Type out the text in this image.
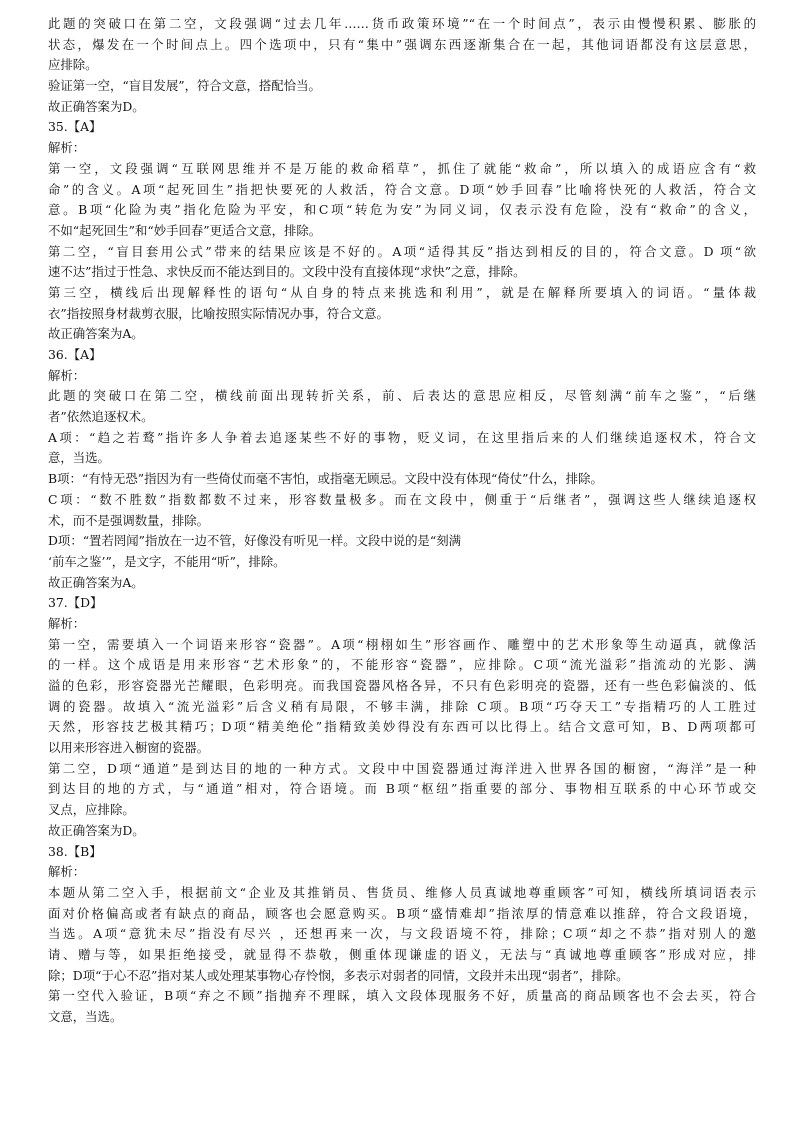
此题的突破口在第二空，文段强调“过去几年……货币政策环境”“在一个时间点”，表示由慢慢积累、膨胀的
状态，爆发在一个时间点上。四个选项中，只有“集中”强调东西逐渐集合在一起，其他词语都没有这层意思，
应排除。
验证第一空，“盲目发展”，符合文意，搭配恰当。
故正确答案为D。
35.【A】
解析：
第一空，文段强调“互联网思维并不是万能的救命稻草”，抓住了就能“救命”，所以填入的成语应含有“救
命”的含义。A项“起死回生”指把快要死的人救活，符合文意。D项“妙手回春”比喻将快死的人救活，符合文
意。B项“化险为夷”指化危险为平安，和C项“转危为安”为同义词，仅表示没有危险，没有“救命”的含义，
不如“起死回生”和“妙手回春”更适合文意，排除。
第二空，“盲目套用公式”带来的结果应该是不好的。A项“适得其反”指达到相反的目的，符合文意。D 项“欲
速不达”指过于性急、求快反而不能达到目的。文段中没有直接体现“求快”之意，排除。
第三空，横线后出现解释性的语句“从自身的特点来挑选和利用”，就是在解释所要填入的词语。“量体裁
衣”指按照身材裁剪衣服，比喻按照实际情况办事，符合文意。
故正确答案为A。
36.【A】
解析：
此题的突破口在第二空，横线前面出现转折关系，前、后表达的意思应相反，尽管刻满“前车之鉴”，“后继
者”依然追逐权术。
A项：“趋之若鹜”指许多人争着去追逐某些不好的事物，贬义词，在这里指后来的人们继续追逐权术，符合文
意，当选。
B项：“有恃无恐”指因为有一些倚仗而毫不害怕，或指毫无顾忌。文段中没有体现“倚仗”什么，排除。
C项：“数不胜数”指数都数不过来，形容数量极多。而在文段中，侧重于“后继者”，强调这些人继续追逐权
术，而不是强调数量，排除。
D项：“置若罔闻”指放在一边不管，好像没有听见一样。文段中说的是“刻满
‘前车之鉴’”，是文字，不能用“听”，排除。
故正确答案为A。
37.【D】
解析：
第一空，需要填入一个词语来形容“瓷器”。A项“栩栩如生”形容画作、雕塑中的艺术形象等生动逼真，就像活
的一样。这个成语是用来形容“艺术形象”的，不能形容“瓷器”，应排除。C项“流光溢彩”指流动的光影、满
溢的色彩，形容瓷器光芒耀眼，色彩明亮。而我国瓷器风格各异，不只有色彩明亮的瓷器，还有一些色彩偏淡的、低
调的瓷器。故填入“流光溢彩”后含义稍有局限，不够丰满，排除 C项。B项“巧夺天工”专指精巧的人工胜过
天然，形容技艺极其精巧；D项“精美绝伦”指精致美妙得没有东西可以比得上。结合文意可知，B、D两项都可
以用来形容进入橱窗的瓷器。
第二空，D项“通道”是到达目的地的一种方式。文段中中国瓷器通过海洋进入世界各国的橱窗，“海洋”是一种
到达目的地的方式，与“通道”相对，符合语境。而 B项“枢纽”指重要的部分、事物相互联系的中心环节或交
叉点，应排除。
故正确答案为D。
38.【B】
解析：
本题从第二空入手，根据前文“企业及其推销员、售货员、维修人员真诚地尊重顾客”可知，横线所填词语表示
面对价格偏高或者有缺点的商品，顾客也会愿意购买。B项“盛情难却”指浓厚的情意难以推辞，符合文段语境，
当选。A项“意犹未尽”指没有尽兴 ，还想再来一次，与文段语境不符，排除；C项“却之不恭”指对别人的邀
请、赠与等，如果拒绝接受，就显得不恭敬，侧重体现谦虚的语义，无法与“真诚地尊重顾客”形成对应，排
除；D项“于心不忍”指对某人或处理某事物心存怜悯，多表示对弱者的同情，文段并未出现“弱者”，排除。
第一空代入验证，B项“弃之不顾”指抛弃不理睬，填入文段体现服务不好，质量高的商品顾客也不会去买，符合
文意，当选。
